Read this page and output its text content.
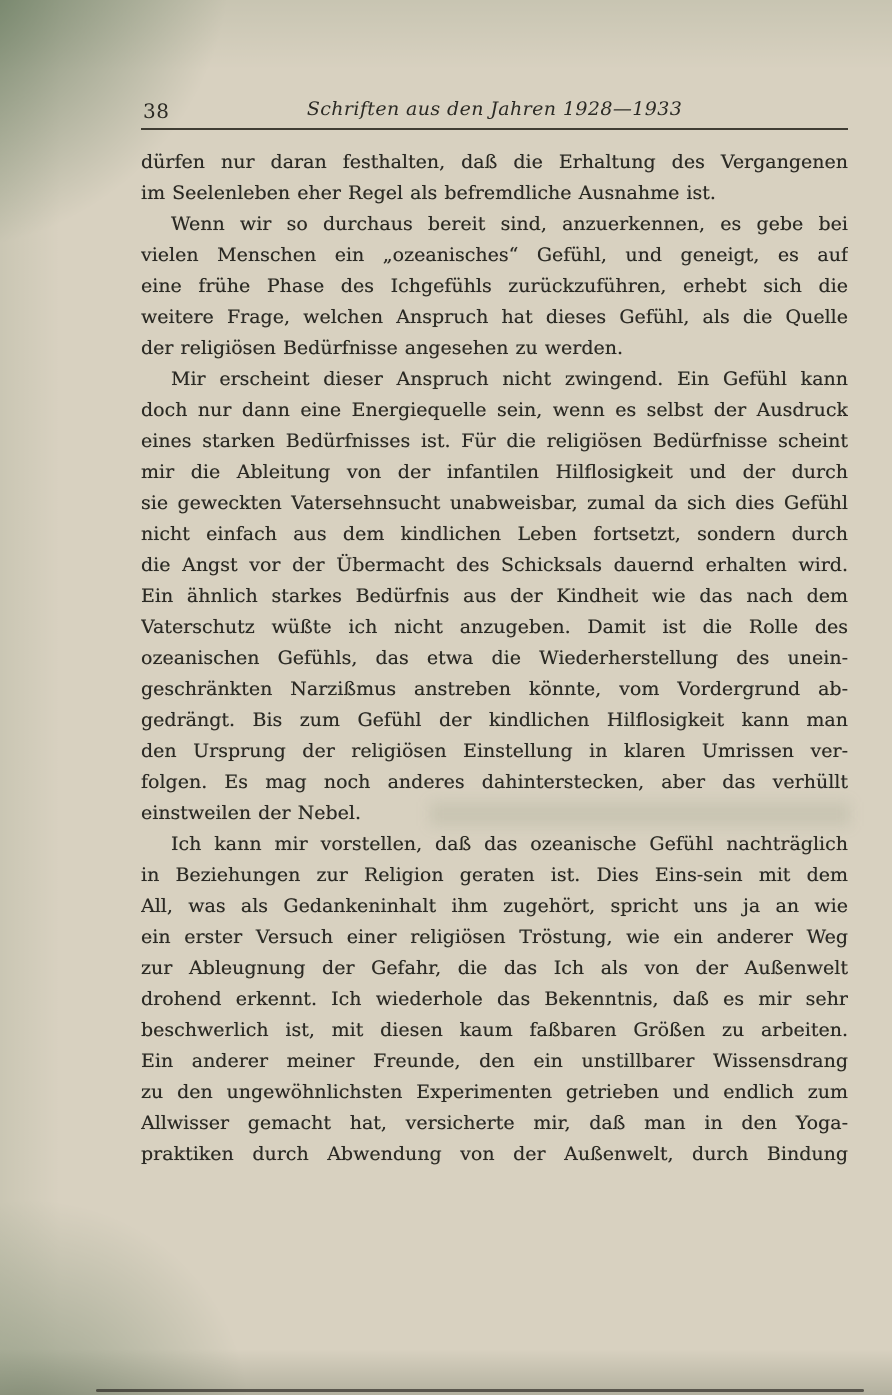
38	Schriften aus den Jahren 1928—1933
dürfen nur daran festhalten, daß die Erhaltung des Vergangenen
im Seelenleben eher Regel als befremdliche Ausnahme ist.
Wenn wir so durchaus bereit sind, anzuerkennen, es gebe bei
vielen Menschen ein „ozeanisches“ Gefühl, und geneigt, es auf
eine frühe Phase des Ichgefühls zurückzuführen, erhebt sich die
weitere Frage, welchen Anspruch hat dieses Gefühl, als die Quelle
der religiösen Bedürfnisse angesehen zu werden.
Mir erscheint dieser Anspruch nicht zwingend. Ein Gefühl kann
doch nur dann eine Energiequelle sein, wenn es selbst der Ausdruck
eines starken Bedürfnisses ist. Für die religiösen Bedürfnisse scheint
mir die Ableitung von der infantilen Hilflosigkeit und der durch
sie geweckten Vatersehnsucht unabweisbar, zumal da sich dies Gefühl
nicht einfach aus dem kindlichen Leben fortsetzt, sondern durch
die Angst vor der Übermacht des Schicksals dauernd erhalten wird.
Ein ähnlich starkes Bedürfnis aus der Kindheit wie das nach dem
Vaterschutz wüßte ich nicht anzugeben. Damit ist die Rolle des
ozeanischen Gefühls, das etwa die Wiederherstellung des unein-
geschränkten Narzißmus anstreben könnte, vom Vordergrund ab-
gedrängt. Bis zum Gefühl der kindlichen Hilflosigkeit kann man
den Ursprung der religiösen Einstellung in klaren Umrissen ver-
folgen. Es mag noch anderes dahinterstecken, aber das verhüllt
einstweilen der Nebel.
Ich kann mir vorstellen, daß das ozeanische Gefühl nachträglich
in Beziehungen zur Religion geraten ist. Dies Eins-sein mit dem
All, was als Gedankeninhalt ihm zugehört, spricht uns ja an wie
ein erster Versuch einer religiösen Tröstung, wie ein anderer Weg
zur Ableugnung der Gefahr, die das Ich als von der Außenwelt
drohend erkennt. Ich wiederhole das Bekenntnis, daß es mir sehr
beschwerlich ist, mit diesen kaum faßbaren Größen zu arbeiten.
Ein anderer meiner Freunde, den ein unstillbarer Wissensdrang
zu den ungewöhnlichsten Experimenten getrieben und endlich zum
Allwisser gemacht hat, versicherte mir, daß man in den Yoga-
praktiken durch Abwendung von der Außenwelt, durch Bindung
